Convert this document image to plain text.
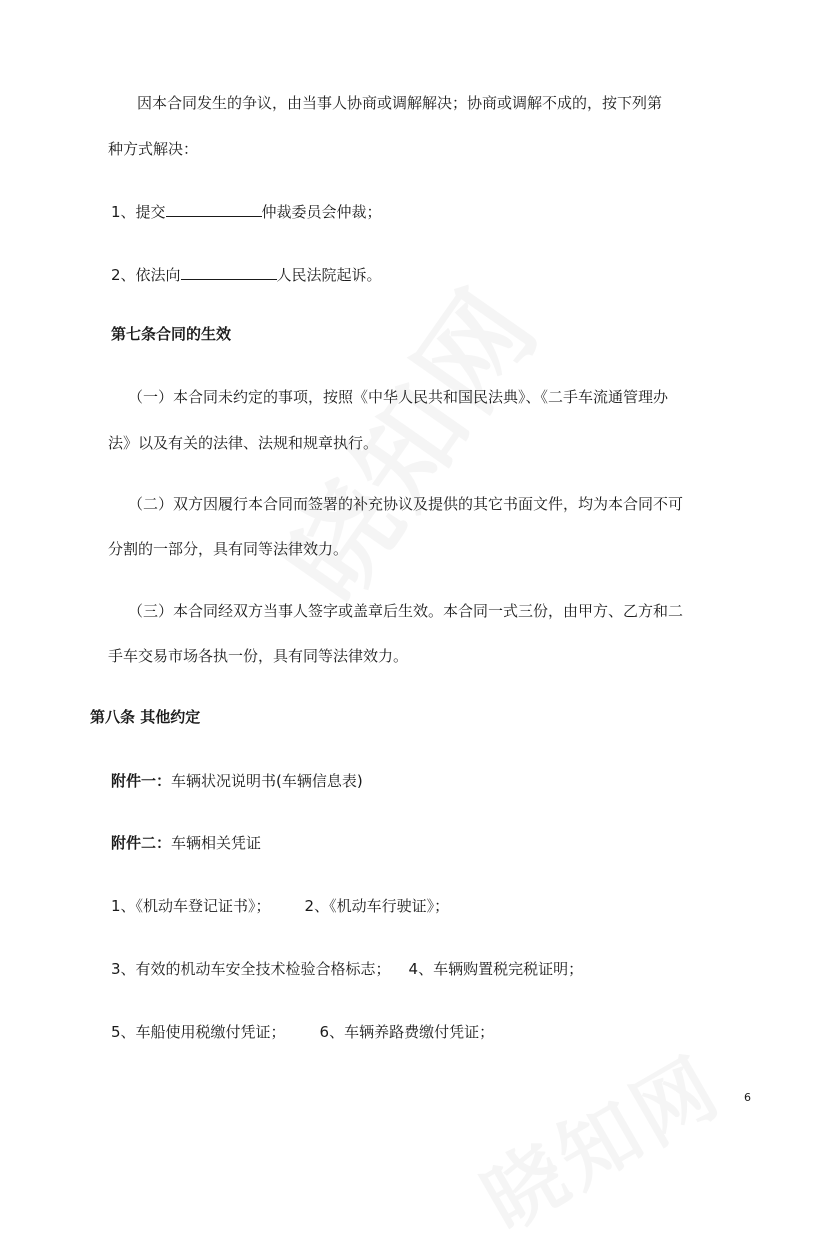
因本合同发生的争议，由当事人协商或调解解决；协商或调解不成的，按下列第
种方式解决：
1、提交	仲裁委员会仲裁；
2、依法向	人民法院起诉。
第七条合同的生效
（一）本合同未约定的事项，按照《中华人民共和国民法典》、《二手车流通管理办
法》以及有关的法律、法规和规章执行。
（二）双方因履行本合同而签署的补充协议及提供的其它书面文件，均为本合同不可
分割的一部分，具有同等法律效力。
（三）本合同经双方当事人签字或盖章后生效。本合同一式三份，由甲方、乙方和二
手车交易市场各执一份，具有同等法律效力。
第八条 其他约定
附件一：车辆状况说明书(车辆信息表)
附件二：车辆相关凭证
1、《机动车登记证书》； 2、《机动车行驶证》；
3、有效的机动车安全技术检验合格标志； 4、车辆购置税完税证明；
5、车船使用税缴付凭证； 6、车辆养路费缴付凭证；
6
